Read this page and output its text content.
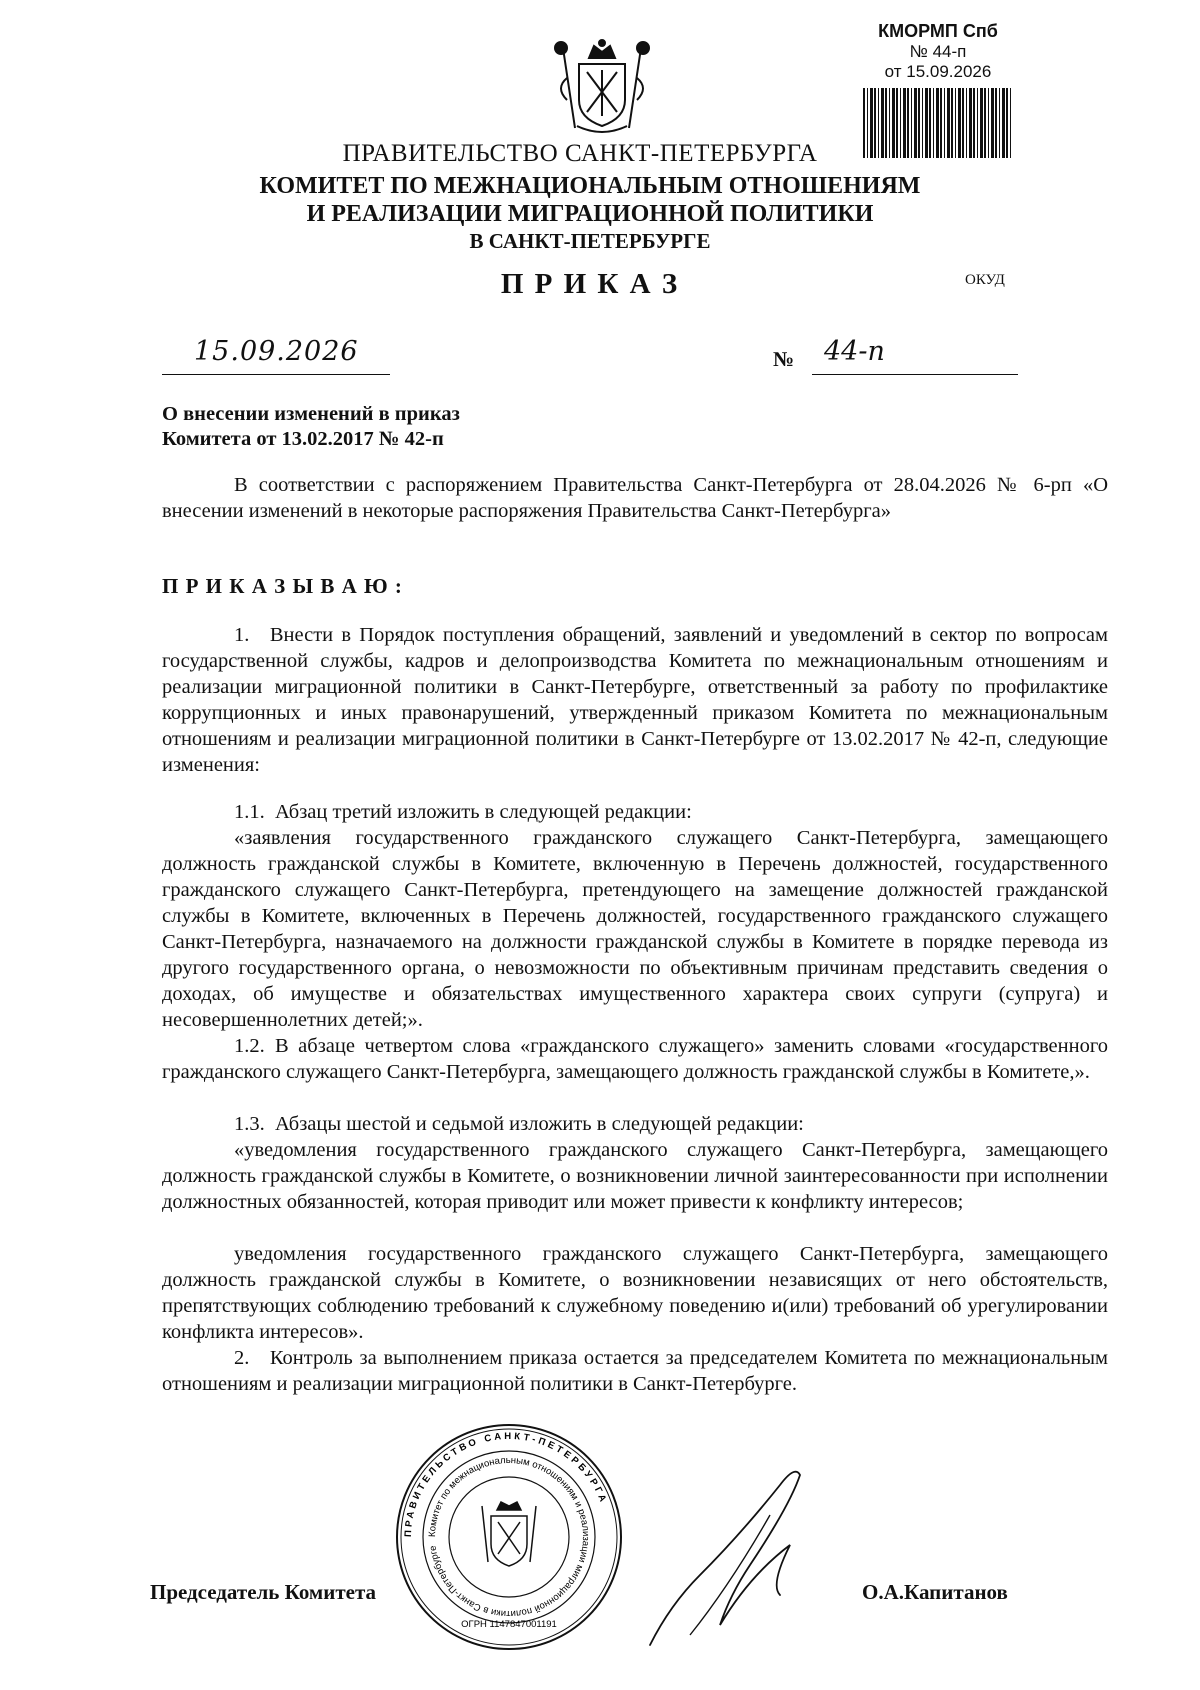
КМОРМП Спб
№ 44-п
от 15.09.2026
ПРАВИТЕЛЬСТВО САНКТ-ПЕТЕРБУРГА
КОМИТЕТ ПО МЕЖНАЦИОНАЛЬНЫМ ОТНОШЕНИЯМ
И РЕАЛИЗАЦИИ МИГРАЦИОННОЙ ПОЛИТИКИ
В САНКТ-ПЕТЕРБУРГЕ
П Р И К А З	ОКУД
15.09.2026	№ 44-п
О внесении изменений в приказ
Комитета от 13.02.2017 № 42-п

В соответствии с распоряжением Правительства Санкт-Петербурга от 28.04.2026 № 6-рп «О внесении изменений в некоторые распоряжения Правительства Санкт-Петербурга»

П Р И К А З Ы В А Ю :

1. Внести в Порядок поступления обращений, заявлений и уведомлений в сектор по вопросам государственной службы, кадров и делопроизводства Комитета по межнациональным отношениям и реализации миграционной политики в Санкт-Петербурге, ответственный за работу по профилактике коррупционных и иных правонарушений, утвержденный приказом Комитета по межнациональным отношениям и реализации миграционной политики в Санкт-Петербурге от 13.02.2017 № 42-п, следующие изменения:

1.1. Абзац третий изложить в следующей редакции:

«заявления государственного гражданского служащего Санкт-Петербурга, замещающего должность гражданской службы в Комитете, включенную в Перечень должностей, государственного гражданского служащего Санкт-Петербурга, претендующего на замещение должностей гражданской службы в Комитете, включенных в Перечень должностей, государственного гражданского служащего Санкт-Петербурга, назначаемого на должности гражданской службы в Комитете в порядке перевода из другого государственного органа, о невозможности по объективным причинам представить сведения о доходах, об имуществе и обязательствах имущественного характера своих супруги (супруга) и несовершеннолетних детей;».

1.2. В абзаце четвертом слова «гражданского служащего» заменить словами «государственного гражданского служащего Санкт-Петербурга, замещающего должность гражданской службы в Комитете,».

1.3. Абзацы шестой и седьмой изложить в следующей редакции:

«уведомления государственного гражданского служащего Санкт-Петербурга, замещающего должность гражданской службы в Комитете, о возникновении личной заинтересованности при исполнении должностных обязанностей, которая приводит или может привести к конфликту интересов;

уведомления государственного гражданского служащего Санкт-Петербурга, замещающего должность гражданской службы в Комитете, о возникновении независящих от него обстоятельств, препятствующих соблюдению требований к служебному поведению и(или) требований об урегулировании конфликта интересов».

2. Контроль за выполнением приказа остается за председателем Комитета по межнациональным отношениям и реализации миграционной политики в Санкт-Петербурге.

ПРАВИТЕЛЬСТВО САНКТ-ПЕТЕРБУРГА
Комитет по межнациональным отношениям и реализации миграционной политики в Санкт-Петербурге
ОГРН 1147847001191
Председатель Комитета	О.А.Капитанов
